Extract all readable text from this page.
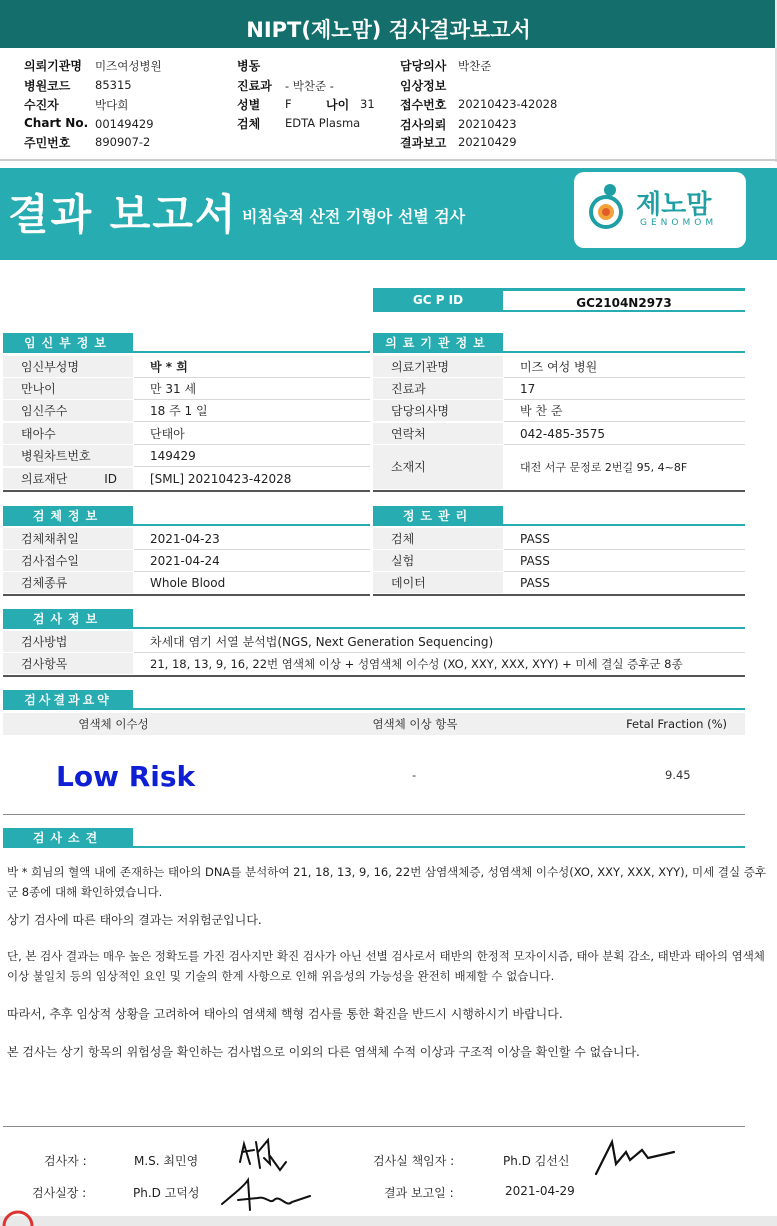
NIPT(제노맘) 검사결과보고서
의뢰기관명 미즈여성병원
병원코드 85315
수진자	박다희
Chart No. 00149429
주민번호 890907-2
병동
진료과 - 박찬준 -
성별 F	나이 31
검체 EDTA Plasma
담당의사 박찬준
임상정보
접수번호 20210423-42028
검사의뢰 20210423
결과보고 20210429
결과 보고서 비침습적 산전 기형아 선별 검사	제노맘
GENOMOM
GC P ID	GC2104N2973
임신부정보
임신부성명	박 * 희
만나이	만 31 세
임신주수	18 주 1 일
태아수	단태아
병원차트번호	149429
의료재단 ID	[SML] 20210423-42028
의료기관정보
의료기관명	미즈 여성 병원
진료과	17
담당의사명	박 찬 준
연락처	042-485-3575
소재지	대전 서구 문정로 2번길 95, 4~8F
검체정보
검체채취일	2021-04-23
검사접수일	2021-04-24
검체종류	Whole Blood
정도관리
검체	PASS
실험	PASS
데이터	PASS
검사정보
검사방법	차세대 염기 서열 분석법(NGS, Next Generation Sequencing)
검사항목	21, 18, 13, 9, 16, 22번 염색체 이상 + 성염색체 이수성 (XO, XXY, XXX, XYY) + 미세 결실 증후군 8종
검사결과요약
염색체 이수성	염색체 이상 항목	Fetal Fraction (%)
Low Risk	-	9.45
검사소견
박 * 희님의 혈액 내에 존재하는 태아의 DNA를 분석하여 21, 18, 13, 9, 16, 22번 삼염색체증, 성염색체 이수성(XO, XXY, XXX, XYY), 미세 결실 증후군 8종에 대해 확인하였습니다.
상기 검사에 따른 태아의 결과는 저위험군입니다.
단, 본 검사 결과는 매우 높은 정확도를 가진 검사지만 확진 검사가 아닌 선별 검사로서 태반의 한정적 모자이시즘, 태아 분획 감소, 태반과 태아의 염색체 이상 불일치 등의 임상적인 요인 및 기술의 한계 사항으로 인해 위음성의 가능성을 완전히 배제할 수 없습니다.
따라서, 추후 임상적 상황을 고려하여 태아의 염색체 핵형 검사를 통한 확진을 반드시 시행하시기 바랍니다.
본 검사는 상기 항목의 위험성을 확인하는 검사법으로 이외의 다른 염색체 수적 이상과 구조적 이상을 확인할 수 없습니다.
검사자 :	M.S. 최민영
검사실장 :	Ph.D 고덕성
검사실 책임자 :	Ph.D 김선신
결과 보고일 :	2021-04-29
